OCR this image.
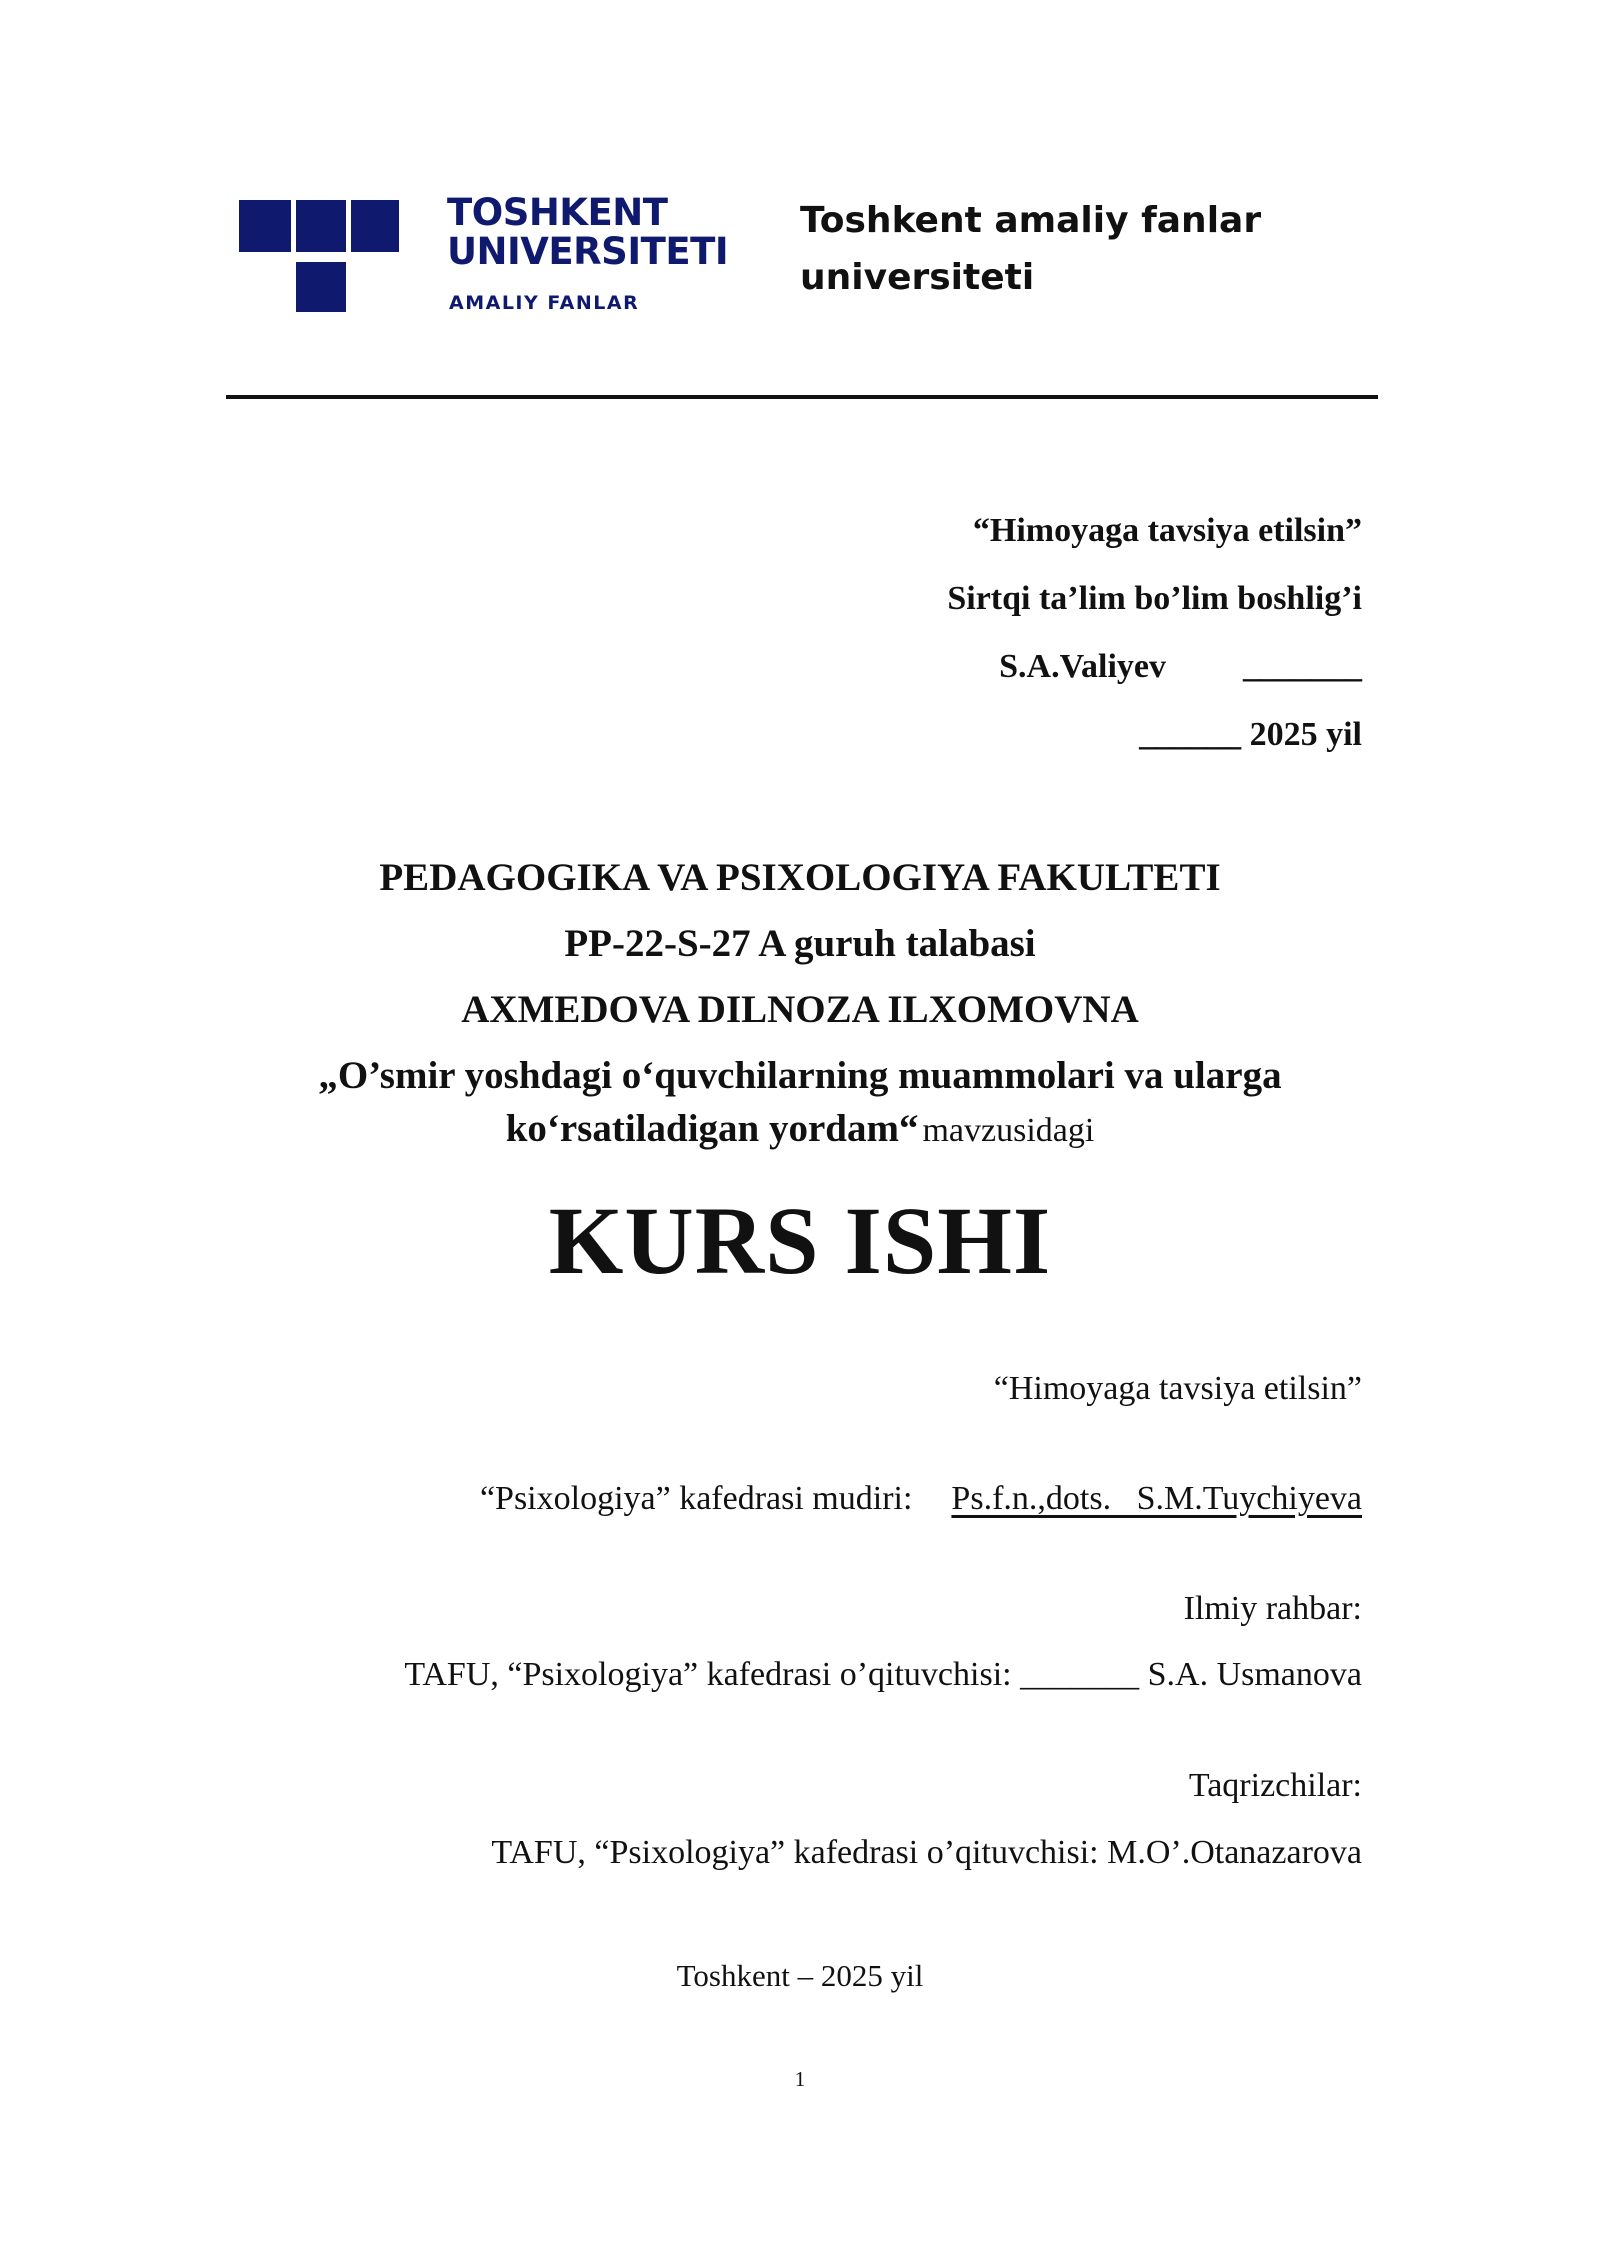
TOSHKENT
UNIVERSITETI
AMALIY FANLAR
Toshkent amaliy fanlar universiteti
“Himoyaga tavsiya etilsin”
Sirtqi ta’lim bo’lim boshlig’i
S.A.Valiyev _______
______ 2025 yil
PEDAGOGIKA VA PSIXOLOGIYA FAKULTETI
PP-22-S-27 A guruh talabasi
AXMEDOVA DILNOZA ILXOMOVNA
„O’smir yoshdagi o‘quvchilarning muammolari va ularga
ko‘rsatiladigan yordam“ mavzusidagi
KURS ISHI
“Himoyaga tavsiya etilsin”
“Psixologiya” kafedrasi mudiri: Ps.f.n.,dots.   S.M.Tuychiyeva
Ilmiy rahbar:
TAFU, “Psixologiya” kafedrasi o’qituvchisi: _______ S.A. Usmanova
Taqrizchilar:
TAFU, “Psixologiya” kafedrasi o’qituvchisi: M.O’.Otanazarova
Toshkent – 2025 yil
1
